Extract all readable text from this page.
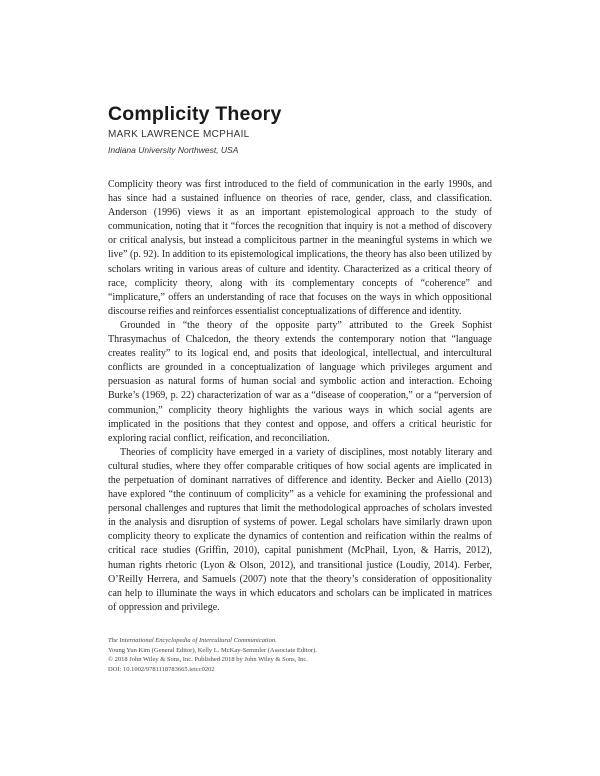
Complicity Theory
MARK LAWRENCE MCPHAIL
Indiana University Northwest, USA

Complicity theory was first introduced to the field of communication in the early 1990s, and has since had a sustained influence on theories of race, gender, class, and classification. Anderson (1996) views it as an important epistemological approach to the study of communication, noting that it “forces the recognition that inquiry is not a method of discovery or critical analysis, but instead a complicitous partner in the meaningful systems in which we live” (p. 92). In addition to its epistemological implications, the theory has also been utilized by scholars writing in various areas of culture and identity. Characterized as a critical theory of race, complicity theory, along with its complementary concepts of “coherence” and “implicature,” offers an understanding of race that focuses on the ways in which oppositional discourse reifies and reinforces essentialist conceptualizations of difference and identity.

Grounded in “the theory of the opposite party” attributed to the Greek Sophist Thrasymachus of Chalcedon, the theory extends the contemporary notion that “language creates reality” to its logical end, and posits that ideological, intellectual, and intercultural conflicts are grounded in a conceptualization of language which privileges argument and persuasion as natural forms of human social and symbolic action and interaction. Echoing Burke’s (1969, p. 22) characterization of war as a “disease of cooperation,” or a “perversion of communion,” complicity theory highlights the various ways in which social agents are implicated in the positions that they contest and oppose, and offers a critical heuristic for exploring racial conflict, reification, and reconciliation.

Theories of complicity have emerged in a variety of disciplines, most notably literary and cultural studies, where they offer comparable critiques of how social agents are implicated in the perpetuation of dominant narratives of difference and identity. Becker and Aiello (2013) have explored “the continuum of complicity” as a vehicle for examining the professional and personal challenges and ruptures that limit the methodological approaches of scholars invested in the analysis and disruption of systems of power. Legal scholars have similarly drawn upon complicity theory to explicate the dynamics of contention and reification within the realms of critical race studies (Griffin, 2010), capital punishment (McPhail, Lyon, & Harris, 2012), human rights rhetoric (Lyon & Olson, 2012), and transitional justice (Loudiy, 2014). Ferber, O’Reilly Herrera, and Samuels (2007) note that the theory’s consideration of oppositionality can help to illuminate the ways in which educators and scholars can be implicated in matrices of oppression and privilege.

The International Encyclopedia of Intercultural Communication.
Young Yun Kim (General Editor), Kelly L. McKay-Semmler (Associate Editor).
© 2018 John Wiley & Sons, Inc. Published 2018 by John Wiley & Sons, Inc.
DOI: 10.1002/9781118783665.ieicc0202
